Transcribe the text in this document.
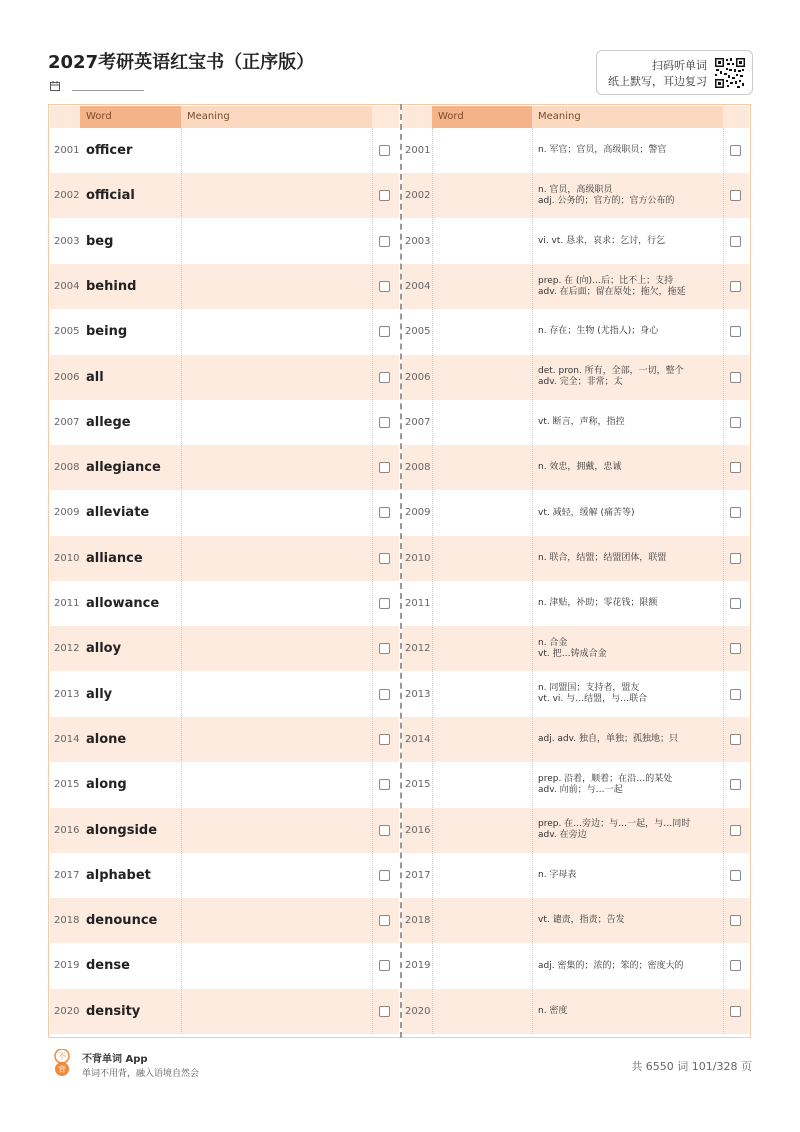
2027考研英语红宝书（正序版）	扫码听单词
纸上默写，耳边复习
2001 officer	2001	n. 军官；官员，高级职员；警官
2002 official	2002
n. 官员，高级职员
adj. 公务的；官方的；官方公布的
2003 beg	2003	vi. vt. 恳求，哀求；乞讨，行乞
2004 behind	2004
prep. 在 (向)…后；比不上；支持
adv. 在后面；留在原处；拖欠，拖延
2005 being	2005	n. 存在；生物 (尤指人)；身心
2006 all	2006
det. pron. 所有，全部，一切，整个
adv. 完全；非常；太
2007 allege	2007	vt. 断言，声称，指控
2008 allegiance	2008	n. 效忠，拥戴，忠诚
2009 alleviate	2009	vt. 减轻，缓解 (痛苦等)
2010 alliance	2010	n. 联合，结盟；结盟团体，联盟
2011 allowance	2011	n. 津贴，补助；零花钱；限额
2012 alloy	2012
n. 合金
vt. 把…铸成合金
2013 ally	2013
n. 同盟国；支持者，盟友
vt. vi. 与…结盟，与…联合
2014 alone	2014	adj. adv. 独自，单独；孤独地；只
2015 along	2015
prep. 沿着，顺着；在沿…的某处
adv. 向前；与…一起
2016 alongside	2016
prep. 在…旁边；与…一起，与…同时
adv. 在旁边
2017 alphabet	2017	n. 字母表
2018 denounce	2018	vt. 谴责，指责；告发
2019 dense	2019	adj. 密集的；浓的；笨的；密度大的
2020 density	2020	n. 密度
Word	Meaning	Word	Meaning
不
背
不背单词 App
单词不用背，融入语境自然会
共 6550 词 101/328 页
